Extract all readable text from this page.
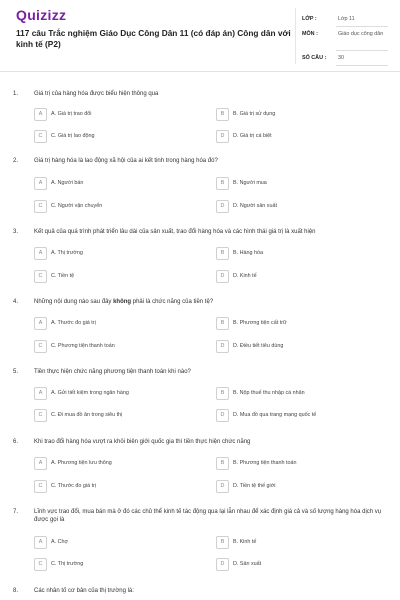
Quizizz
117 câu Trắc nghiệm Giáo Dục Công Dân 11 (có đáp án) Công dân với kinh tế (P2)
LỚP :	Lớp 11
MÔN :	Giáo dục công dân
SỐ CÂU :	30
1.	Giá trị của hàng hóa được biểu hiện thông qua
A	A. Giá trị trao đổi	B	B. Giá trị sử dụng
C	C. Giá trị lao động	D	D. Giá trị cá biệt
2.	Giá trị hàng hóa là lao động xã hội của ai kết tinh trong hàng hóa đó?
A	A. Người bán	B	B. Người mua
C	C. Người vận chuyển	D	D. Người sản xuất
3.	Kết quả của quá trình phát triển lâu dài của sản xuất, trao đổi hàng hóa và các hình thái giá trị là xuất hiện
A	A. Thị trường	B	B. Hàng hóa
C	C. Tiền tệ	D	D. Kinh tế
4.	Những nội dung nào sau đây không phải là chức năng của tiền tệ?
A	A. Thước đo giá trị	B	B. Phương tiện cất trữ
C	C. Phương tiện thanh toán	D	D. Điều tiết tiêu dùng
5.	Tiền thực hiện chức năng phương tiện thanh toán khi nào?
A	A. Gửi tiết kiệm trong ngân hàng	B	B. Nộp thuế thu nhập cá nhân
C	C. Đi mua đồ ăn trong siêu thị	D	D. Mua đồ qua trang mạng quốc tế
6.	Khi trao đổi hàng hóa vượt ra khỏi biên giới quốc gia thì tiền thực hiện chức năng
A	A. Phương tiện lưu thông	B	B. Phương tiện thanh toán
C	C. Thước đo giá trị	D	D. Tiền tệ thế giới
7.	Lĩnh vực trao đổi, mua bán mà ở đó các chủ thể kinh tế tác động qua lại lẫn nhau để xác định giá cả và số lượng hàng hóa dịch vụ được gọi là
A	A. Chợ	B	B. Kinh tế
C	C. Thị trường	D	D. Sản xuất
8.	Các nhân tố cơ bản của thị trường là:
